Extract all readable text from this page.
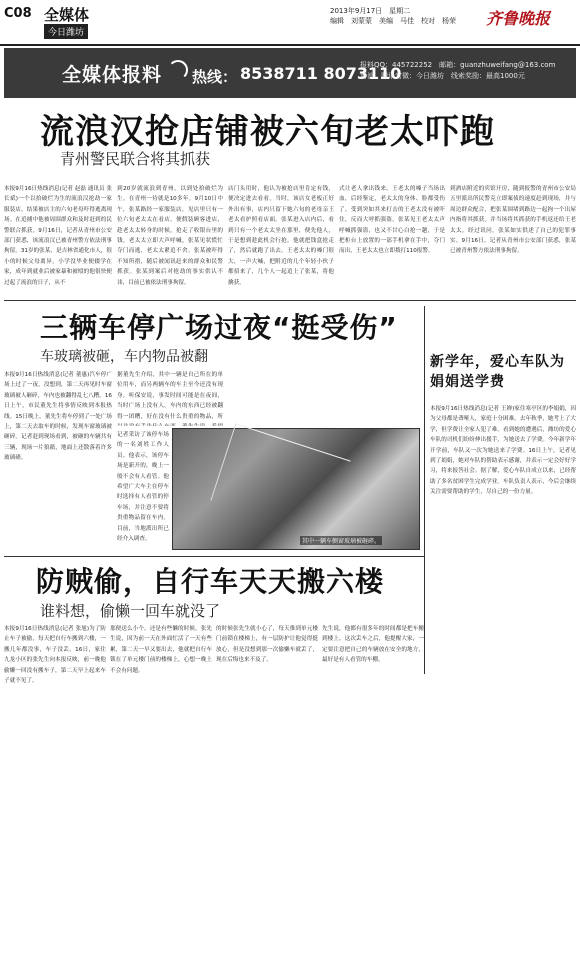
C08 全媒体
今日潍坊
2013年9月17日　星期二
编辑　刘蒙蒙　美编　马佳　校对　杨荣	齐鲁晚报
全媒体报料 热线： 8538711 8073110
报料QQ：445722252　邮箱：guanzhuweifang@163.com
新浪、腾讯官微：今日潍坊　线索奖励：最高1000元
流浪汉抢店铺被六旬老太吓跑
青州警民联合将其抓获
本报9月16日热线消息(记者 赵磊 通讯员 张长斌)一个以拾破烂为生的流浪汉抢劫一家服装店，结果被店主的六旬老母吓得逃离现场。在追捕中他被周围群众和及时赶到的民警联合抓获。9月16日，记者从青州市公安部门获悉，该流浪汉已被青州警方依法刑事拘留。31岁的张某，是吉林省通化市人，很小的时候父母离异，小学没毕业便辍学在家，成年到就业后被家暴和被殴的他很快便过起了流浪的日子，从不
到20岁就流浪到青州，以到处拾破烂为生。在青州一待就是10多年。9月10日中午，张某路经一家服装店，见店里只有一位六旬老太太在看店，便假装顾客进店，趁老太太转身的时候，抢走了收银台里的钱。老太太立即大声呼喊，张某见状慌忙夺门而逃，老太太紧追不舍。张某被吓得不知所措，随后被闻讯赶来的群众和民警抓获。张某到案后对抢劫的事实供认不讳，目前已被依法刑事拘留。
店门头用时，他认为被抢店里肯定有钱，便决定进去看看。当时，该店女老板正好外出有事，店内只留下她六旬的老母亲王老太看护照看店面。张某进入店内后，看到只有一个老太太坐在那里，便先他人，于是想到趁此机会行抢。他就把钱盒抢走了，然后就跑了出去。王老太太的嗓门很大，一声大喊，把附近的几个年轻小伙子都招来了，几个人一起追上了张某，将他擒获。
式让老人拿出钱来。王老太的嗓子当场出血，后经鉴定，老太太的身体、脸都受伤了。受到突如其来打击的王老太没有被吓住，反而大呼抓强盗。张某见王老太太声呼喊抓强盗，也又不甘心白抢一趟，于是把柜台上放置的一部手机拿在手中，夺门而出，王老太太也立即拨打110报警。
到酒店附近的宾馆开房，随到报警的青州市公安局五里派出所民警克立即案侦的速度赶到现场，并与周边群众配合，把张某围堵到路边一起拘一个出屋内指将其抓获。并当场将其抓获的手机返还给王老太太。经过讯问，张某如实供述了自己的犯罪事实。9月16日，记者从青州市公安部门获悉，张某已被青州警方依法刑事拘留。
三辆车停广场过夜“挺受伤”
车玻璃被砸，车内物品被翻
本报9月16日热线消息(记者 董惠)汽车停广场上过了一夜，没想到，第二天再见时车窗玻璃被人砸碎，车内也被翻得乱七八糟。16日上午，市民董先生将事情反映到本报热线。15日晚上，董先生将车停到了一处广场上，第二天去取车的时候，发现车窗玻璃被砸碎。记者赶到现场看到，被砸的车辆共有三辆，现场一片狼藉，地面上还散落着许多玻璃碴。
据董先生介绍，其中一辆是自己所在的单位用车，而另两辆车的车主至今还没有现身。听保安说，事发时间可能是在夜间，当时广场上没有人。车内的东西已经被翻得一团糟，好在没有什么贵重的物品，所
记者采访了该停车场的一名刘姓工作人员。他表示，该停车场是新开的，晚上一般不会有人看管。他希望广大车主在停车时选择有人看管的停车场，并注意不要将贵重物品留在车内。目前，当地派出所已经介入调查。	其中一辆车侧窗玻璃被砸碎。
新学年，爱心车队为娟娟送学费
本报9月16日热线消息(记者 王婵)家住寒亭区的李娟娟，因为父母都是聋哑人，家庭十分困难。去年秋季，她考上了大学，但学费让全家人犯了难。看到她的遭遇后，潍坊的爱心车队的司机们纷纷伸出援手，为她送去了学费。今年新学年开学前，车队又一次为她送来了学费。16日上午，记者见到了娟娟，她对车队的帮助表示感谢，并表示一定会好好学习，将来报答社会。据了解，爱心车队自成立以来，已经帮助了多名贫困学生完成学业。车队负责人表示，今后会继续关注需要帮助的学生，尽自己的一份力量。
防贼偷，自行车天天搬六楼
谁料想，偷懒一回车就没了
本报9月16日热线消息(记者 张旭)为了防止车子被偷，每天把自行车搬到六楼，一搬几年都没事，车子没丢。16日，家住九龙小区的张先生向本报反映，前一晚他偷懒一回没有搬车子，第二天早上起来车子就不见了。
那便送么小个。还是有些懒的时候。张先生说，因为前一天在外面忙活了一天有些累，第二天一早又要出去，他就把自行车锁在了单元楼门前的楼梯上，心想一晚上不会有问题。
的时候张先生就小心了，每天推到单元楼门前锁在楼梯上，有一层防护让他觉得挺放心，但是没想到那一次偷懒车就丢了，现在后悔也来不及了。
先生说，他都有很多年的时间都是把车搬到楼上。这次丢车之后，他提醒大家，一定要注意把自己的车辆放在安全的地方，最好是有人看管的车棚。
